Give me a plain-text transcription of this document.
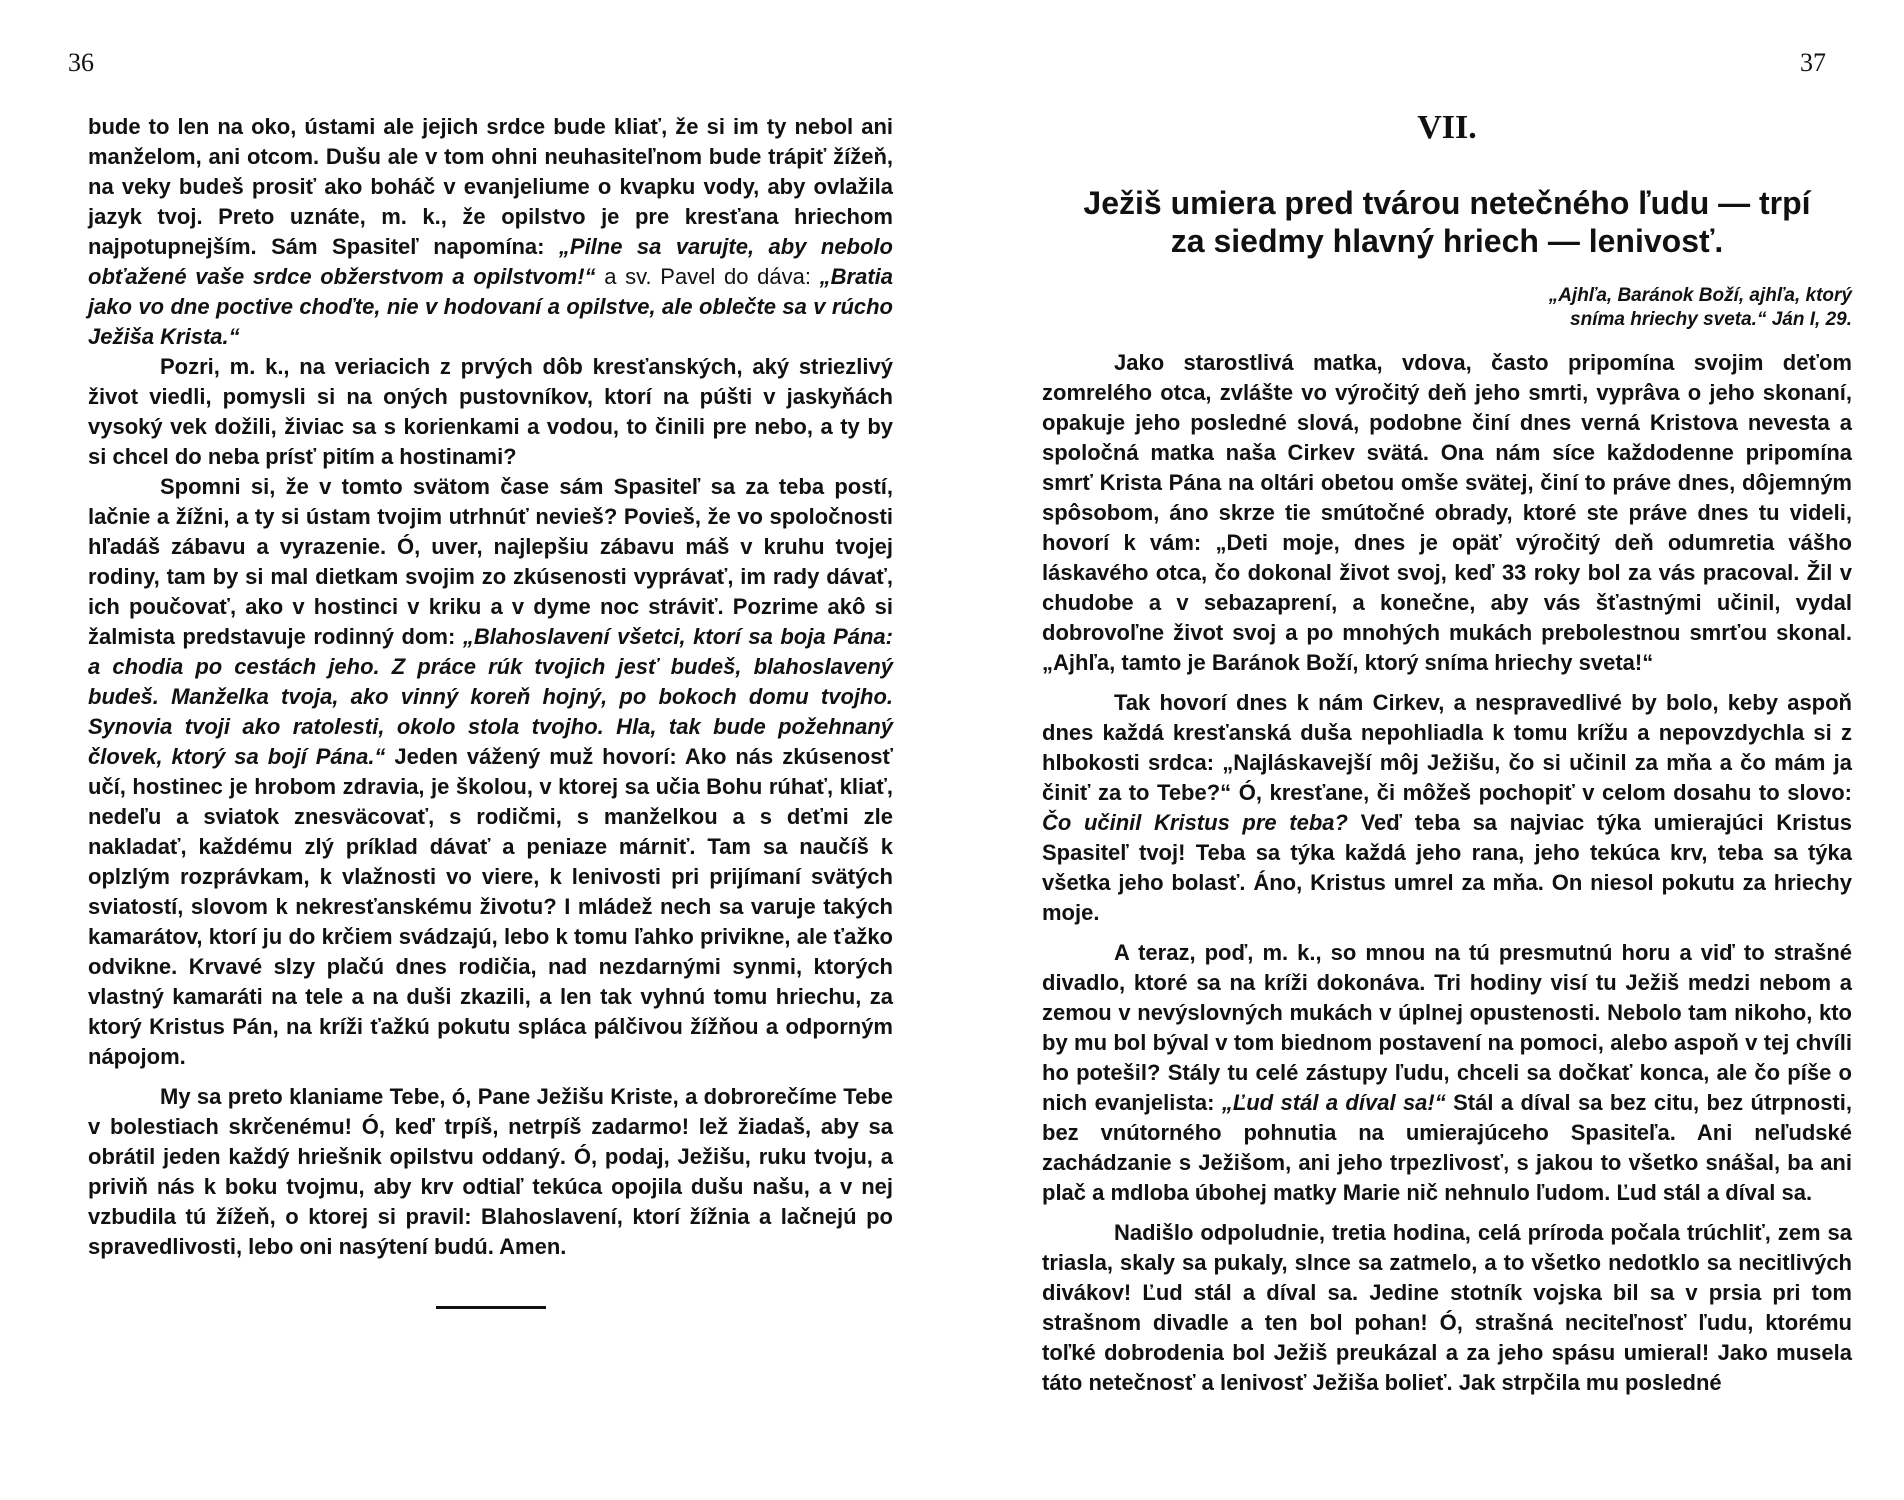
36

bude to len na oko, ústami ale jejich srdce bude kliať, že si im ty nebol ani manželom, ani otcom. Dušu ale v tom ohni neuhasiteľnom bude trápiť žížeň, na veky budeš prosiť ako boháč v evanjeliume o kvapku vody, aby ovlažila jazyk tvoj. Preto uznáte, m. k., že opilstvo je pre kresťana hriechom najpotupnejším. Sám Spasiteľ napomína: „Pilne sa varujte, aby nebolo obťažené vaše srdce obžerstvom a opilstvom!“ a sv. Pavel do dáva: „Bratia jako vo dne poctive choďte, nie v hodovaní a opilstve, ale oblečte sa v rúcho Ježiša Krista.“

Pozri, m. k., na veriacich z prvých dôb kresťanských, aký striezlivý život viedli, pomysli si na oných pustovníkov, ktorí na púšti v jaskyňách vysoký vek dožili, živiac sa s korienkami a vodou, to činili pre nebo, a ty by si chcel do neba prísť pitím a hostinami?

Spomni si, že v tomto svätom čase sám Spasiteľ sa za teba postí, lačnie a žížni, a ty si ústam tvojim utrhnúť nevieš? Povieš, že vo spoločnosti hľadáš zábavu a vyrazenie. Ó, uver, najlepšiu zábavu máš v kruhu tvojej rodiny, tam by si mal dietkam svojim zo zkúsenosti vyprávať, im rady dávať, ich poučovať, ako v hostinci v kriku a v dyme noc stráviť. Pozrime akô si žalmista predstavuje rodinný dom: „Blahoslavení všetci, ktorí sa boja Pána: a chodia po cestách jeho. Z práce rúk tvojich jesť budeš, blahoslavený budeš. Manželka tvoja, ako vinný koreň hojný, po bokoch domu tvojho. Synovia tvoji ako ratolesti, okolo stola tvojho. Hla, tak bude požehnaný človek, ktorý sa bojí Pána.“ Jeden vážený muž hovorí: Ako nás zkúsenosť učí, hostinec je hrobom zdravia, je školou, v ktorej sa učia Bohu rúhať, kliať, nedeľu a sviatok znesväcovať, s rodičmi, s manželkou a s deťmi zle nakladať, každému zlý príklad dávať a peniaze márniť. Tam sa naučíš k oplzlým rozprávkam, k vlažnosti vo viere, k lenivosti pri prijímaní svätých sviatostí, slovom k nekresťanskému životu? I mládež nech sa varuje takých kamarátov, ktorí ju do krčiem svádzajú, lebo k tomu ľahko privikne, ale ťažko odvikne. Krvavé slzy plačú dnes rodičia, nad nezdarnými synmi, ktorých vlastný kamaráti na tele a na duši zkazili, a len tak vyhnú tomu hriechu, za ktorý Kristus Pán, na kríži ťažkú pokutu spláca pálčivou žížňou a odporným nápojom.

My sa preto klaniame Tebe, ó, Pane Ježišu Kriste, a dobrorečíme Tebe v bolestiach skrčenému! Ó, keď trpíš, netrpíš zadarmo! lež žiadaš, aby sa obrátil jeden každý hriešnik opilstvu oddaný. Ó, podaj, Ježišu, ruku tvoju, a priviň nás k boku tvojmu, aby krv odtiaľ tekúca opojila dušu našu, a v nej vzbudila tú žížeň, o ktorej si pravil: Blahoslavení, ktorí žížnia a lačnejú po spravedlivosti, lebo oni nasýtení budú. Amen.

37
VII.
Ježiš umiera pred tvárou netečného ľudu — trpí
za siedmy hlavný hriech — lenivosť.
„Ajhľa, Baránok Boží, ajhľa, ktorý
sníma hriechy sveta.“ Ján I, 29.

Jako starostlivá matka, vdova, často pripomína svojim deťom zomrelého otca, zvlášte vo výročitý deň jeho smrti, vyprâva o jeho skonaní, opakuje jeho posledné slová, podobne činí dnes verná Kristova nevesta a spoločná matka naša Cirkev svätá. Ona nám síce každodenne pripomína smrť Krista Pána na oltári obetou omše svätej, činí to práve dnes, dôjemným spôsobom, áno skrze tie smútočné obrady, ktoré ste práve dnes tu videli, hovorí k vám: „Deti moje, dnes je opäť výročitý deň odumretia vášho láskavého otca, čo dokonal život svoj, keď 33 roky bol za vás pracoval. Žil v chudobe a v sebazaprení, a konečne, aby vás šťastnými učinil, vydal dobrovoľne život svoj a po mnohých mukách prebolestnou smrťou skonal. „Ajhľa, tamto je Baránok Boží, ktorý sníma hriechy sveta!“

Tak hovorí dnes k nám Cirkev, a nespravedlivé by bolo, keby aspoň dnes každá kresťanská duša nepohliadla k tomu krížu a nepovzdychla si z hlbokosti srdca: „Najláskavejší môj Ježišu, čo si učinil za mňa a čo mám ja činiť za to Tebe?“ Ó, kresťane, či môžeš pochopiť v celom dosahu to slovo: Čo učinil Kristus pre teba? Veď teba sa najviac týka umierajúci Kristus Spasiteľ tvoj! Teba sa týka každá jeho rana, jeho tekúca krv, teba sa týka všetka jeho bolasť. Áno, Kristus umrel za mňa. On niesol pokutu za hriechy moje.

A teraz, poď, m. k., so mnou na tú presmutnú horu a viď to strašné divadlo, ktoré sa na kríži dokonáva. Tri hodiny visí tu Ježiš medzi nebom a zemou v nevýslovných mukách v úplnej opustenosti. Nebolo tam nikoho, kto by mu bol býval v tom biednom postavení na pomoci, alebo aspoň v tej chvíli ho potešil? Stály tu celé zástupy ľudu, chceli sa dočkať konca, ale čo píše o nich evanjelista: „Ľud stál a díval sa!“ Stál a díval sa bez citu, bez útrpnosti, bez vnútorného pohnutia na umierajúceho Spasiteľa. Ani neľudské zachádzanie s Ježišom, ani jeho trpezlivosť, s jakou to všetko snášal, ba ani plač a mdloba úbohej matky Marie nič nehnulo ľudom. Ľud stál a díval sa.

Nadišlo odpoludnie, tretia hodina, celá príroda počala trúchliť, zem sa triasla, skaly sa pukaly, slnce sa zatmelo, a to všetko nedotklo sa necitlivých divákov! Ľud stál a díval sa. Jedine stotník vojska bil sa v prsia pri tom strašnom divadle a ten bol pohan! Ó, strašná neciteľnosť ľudu, ktorému toľké dobrodenia bol Ježiš preukázal a za jeho spásu umieral! Jako musela táto netečnosť a lenivosť Ježiša bolieť. Jak strpčila mu posledné
